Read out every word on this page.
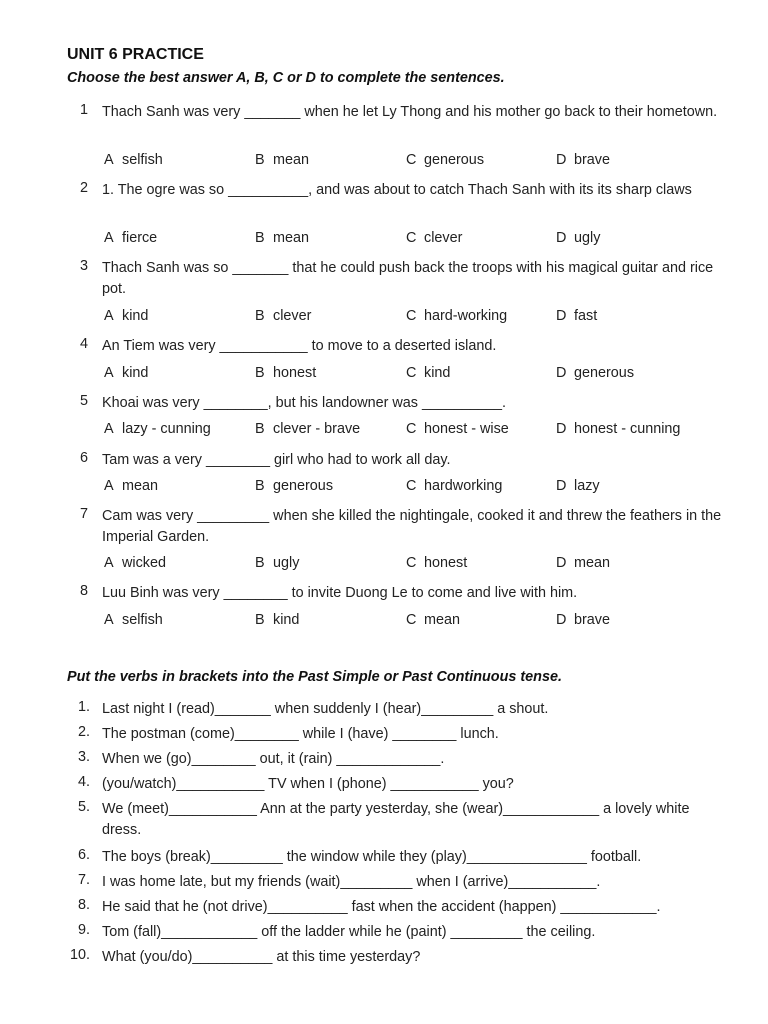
UNIT 6 PRACTICE
Choose the best answer A, B, C or D to complete the sentences.
1 Thach Sanh was very _______ when he let Ly Thong and his mother go back to their hometown.
A selfish	B mean	C generous	D brave
2 1. The ogre was so __________, and was about to catch Thach Sanh with its its sharp claws
A fierce	B mean	C clever	D ugly
3 Thach Sanh was so _______ that he could push back the troops with his magical guitar and rice pot.
A kind	B clever	C hard-working	D fast
4 An Tiem was very ___________ to move to a deserted island.
A kind	B honest	C kind	D generous
5 Khoai was very ________, but his landowner was __________.
A lazy - cunning	B clever - brave	C honest - wise	D honest - cunning
6 Tam was a very ________ girl who had to work all day.
A mean	B generous	C hardworking	D lazy
7 Cam was very _________ when she killed the nightingale, cooked it and threw the feathers in the Imperial Garden.
A wicked	B ugly	C honest	D mean
8 Luu Binh was very ________ to invite Duong Le to come and live with him.
A selfish	B kind	C mean	D brave
Put the verbs in brackets into the Past Simple or Past Continuous tense.
1. Last night I (read)_______ when suddenly I (hear)_________ a shout.
2. The postman (come)________ while I (have) ________ lunch.
3. When we (go)________ out, it (rain) _____________.
4. (you/watch)___________ TV when I (phone) ___________ you?
5. We (meet)___________ Ann at the party yesterday, she (wear)____________ a lovely white dress.
6. The boys (break)_________ the window while they (play)_______________ football.
7. I was home late, but my friends (wait)_________ when I (arrive)___________.
8. He said that he (not drive)__________ fast when the accident (happen) ____________.
9. Tom (fall)____________ off the ladder while he (paint) _________ the ceiling.
10. What (you/do)__________ at this time yesterday?
